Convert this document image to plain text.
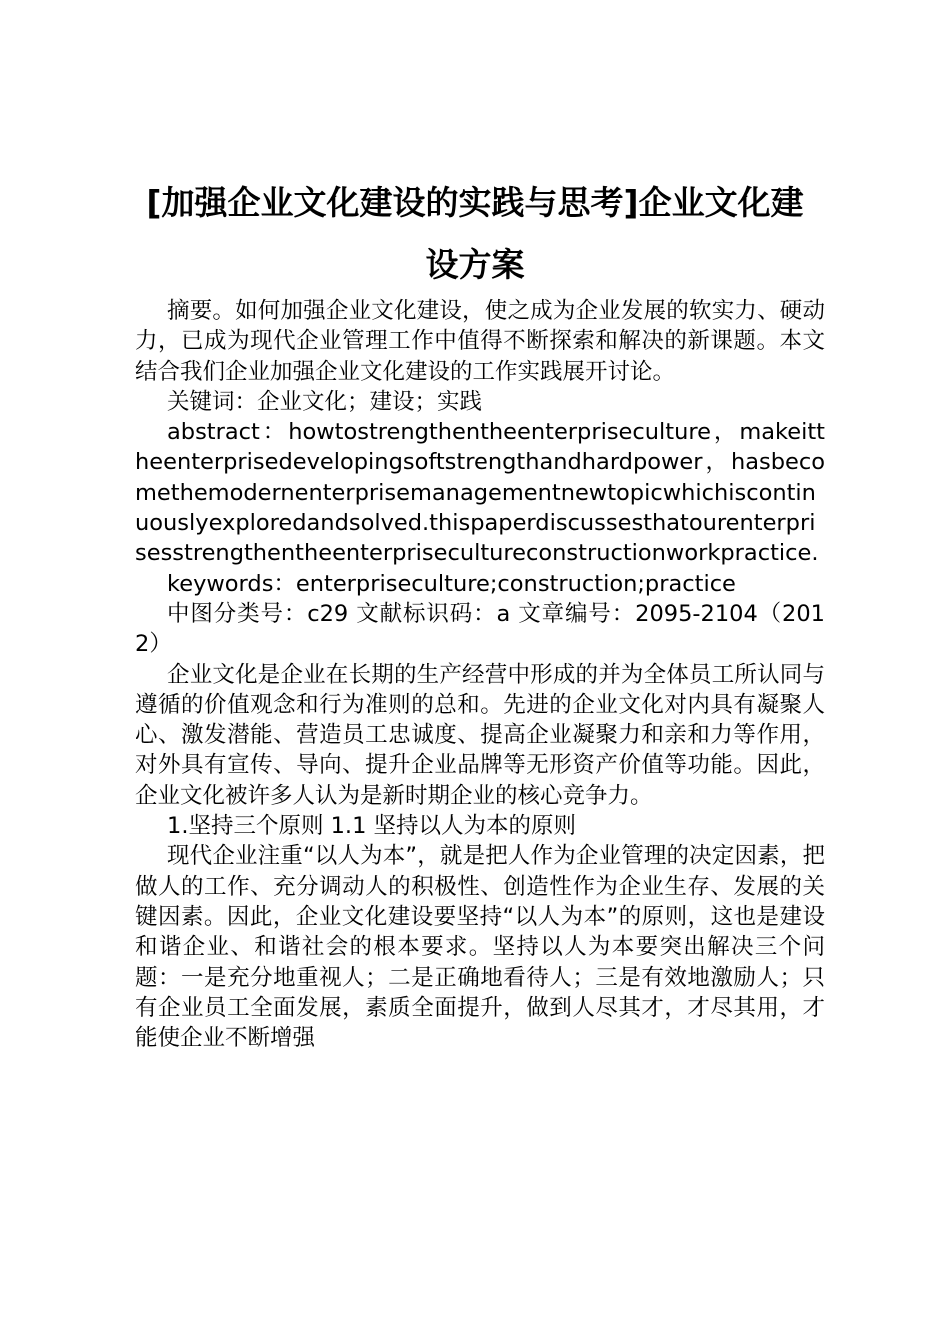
[加强企业文化建设的实践与思考]企业文化建
设方案

摘要。如何加强企业文化建设，使之成为企业发展的软实力、硬动力，已成为现代企业管理工作中值得不断探索和解决的新课题。本文结合我们企业加强企业文化建设的工作实践展开讨论。

关键词：企业文化；建设；实践

abstract：howtostrengthentheenterpriseculture，makeittheenterprisedevelopingsoftstrengthandhardpower，hasbecomethemodernenterprisemanagementnewtopicwhichiscontinuouslyexploredandsolved.thispaperdiscussesthatourenterprisesstrengthentheenterprisecultureconstructionworkpractice.

keywords：enterpriseculture;construction;practice

中图分类号：c29 文献标识码：a 文章编号：2095-2104（2012）

企业文化是企业在长期的生产经营中形成的并为全体员工所认同与遵循的价值观念和行为准则的总和。先进的企业文化对内具有凝聚人心、激发潜能、营造员工忠诚度、提高企业凝聚力和亲和力等作用，对外具有宣传、导向、提升企业品牌等无形资产价值等功能。因此，企业文化被许多人认为是新时期企业的核心竞争力。

1.坚持三个原则 1.1 坚持以人为本的原则

现代企业注重“以人为本”，就是把人作为企业管理的决定因素，把做人的工作、充分调动人的积极性、创造性作为企业生存、发展的关键因素。因此，企业文化建设要坚持“以人为本”的原则，这也是建设和谐企业、和谐社会的根本要求。坚持以人为本要突出解决三个问题：一是充分地重视人；二是正确地看待人；三是有效地激励人；只有企业员工全面发展，素质全面提升，做到人尽其才，才尽其用，才能使企业不断增强
